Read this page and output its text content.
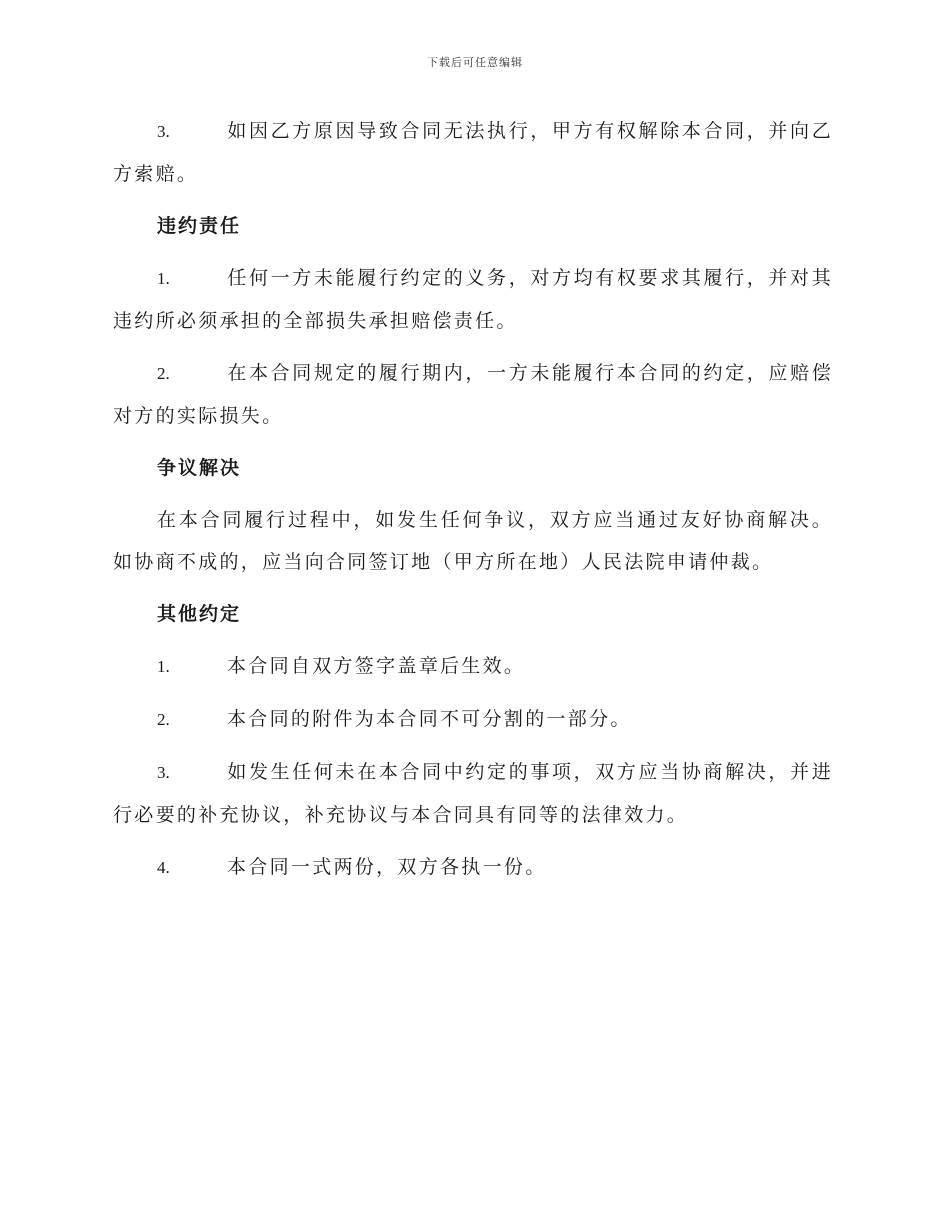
下载后可任意编辑

3.	如因乙方原因导致合同无法执行，甲方有权解除本合同，并向乙方索赔。

违约责任

1.	任何一方未能履行约定的义务，对方均有权要求其履行，并对其违约所必须承担的全部损失承担赔偿责任。

2.	在本合同规定的履行期内，一方未能履行本合同的约定，应赔偿对方的实际损失。

争议解决

在本合同履行过程中，如发生任何争议，双方应当通过友好协商解决。如协商不成的，应当向合同签订地（甲方所在地）人民法院申请仲裁。

其他约定

1.	本合同自双方签字盖章后生效。

2.	本合同的附件为本合同不可分割的一部分。

3.	如发生任何未在本合同中约定的事项，双方应当协商解决，并进行必要的补充协议，补充协议与本合同具有同等的法律效力。

4.	本合同一式两份，双方各执一份。
